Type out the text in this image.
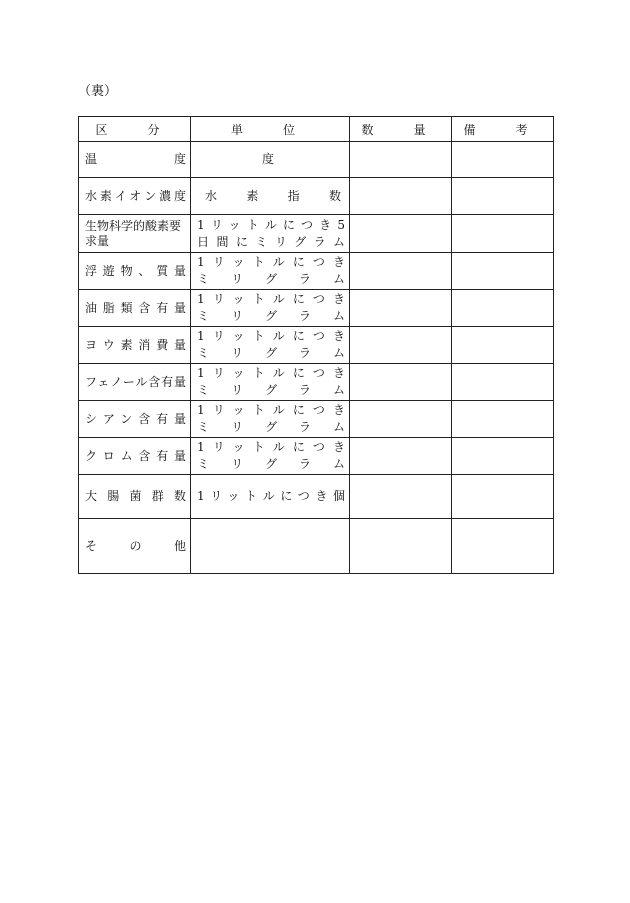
（裏）
区　分	単　位	数　量	備　考
温度	度		
水素イオン濃度	水素指数		
生物科学的酸素要求量	1リットルにつき5
日間にミリグラム		

浮遊物、質量	1リットルにつき
ミリグラム		

油脂類含有量	1リットルにつき
ミリグラム		

ヨウ素消費量	1リットルにつき
ミリグラム		

フェノール含有量	1リットルにつき
ミリグラム		

シアン含有量	1リットルにつき
ミリグラム		

クロム含有量	1リットルにつき
ミリグラム		

大腸菌群数	1リットルにつき個		

その他			
